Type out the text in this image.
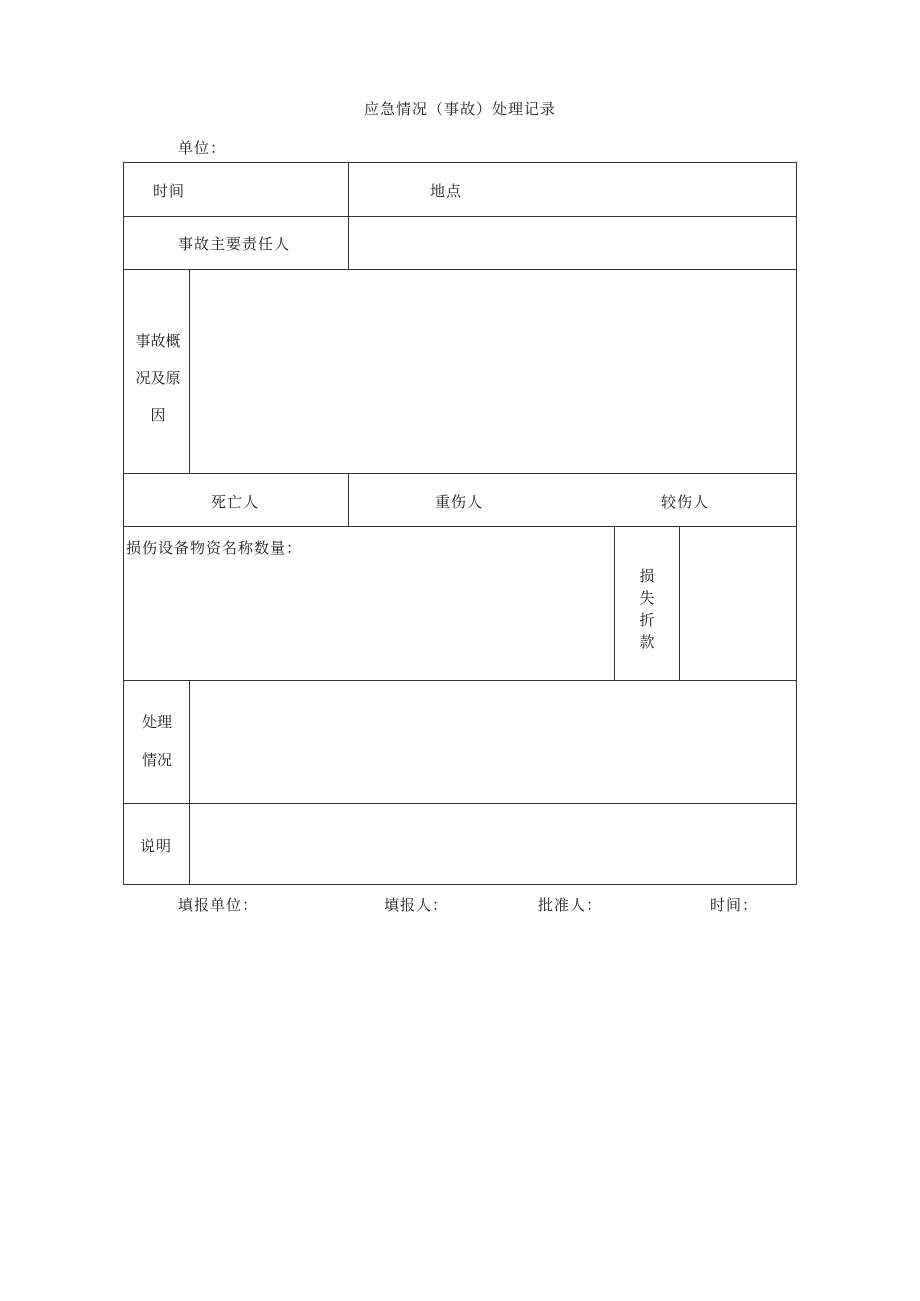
应急情况（事故）处理记录
单位：
时间	地点
事故主要责任人
事故概
况及原
因
死亡人	重伤人	较伤人
损伤设备物资名称数量：
损
失
折
款
处理
情况
说明
填报单位：	填报人：	批准人：	时间：
